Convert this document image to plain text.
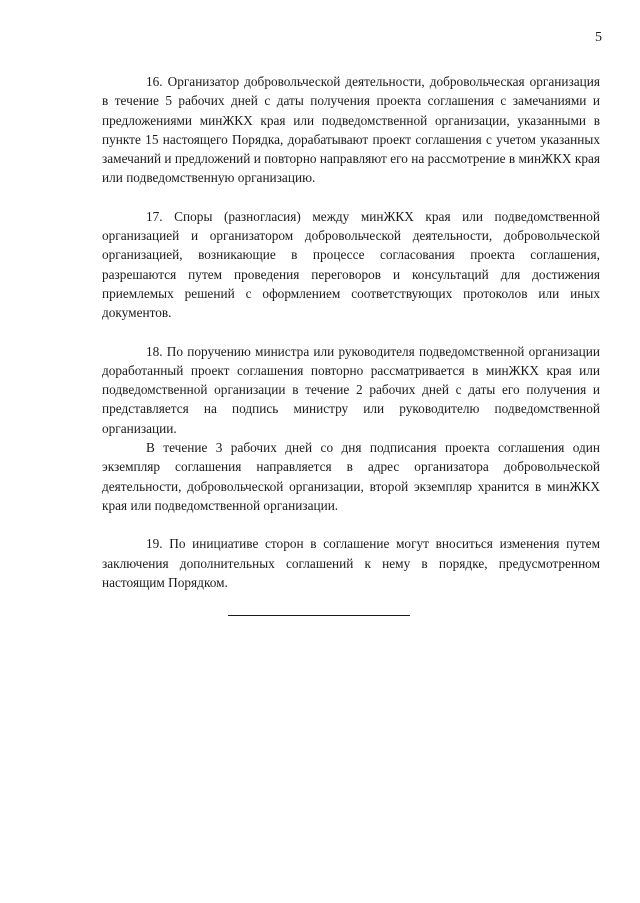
5

16. Организатор добровольческой деятельности, добровольческая организация в течение 5 рабочих дней с даты получения проекта соглашения с замечаниями и предложениями минЖКХ края или подведомственной организации, указанными в пункте 15 настоящего Порядка, дорабатывают проект соглашения с учетом указанных замечаний и предложений и повторно направляют его на рассмотрение в минЖКХ края или подведомственную организацию.

17. Споры (разногласия) между минЖКХ края или подведомственной организацией и организатором добровольческой деятельности, добровольческой организацией, возникающие в процессе согласования проекта соглашения, разрешаются путем проведения переговоров и консультаций для достижения приемлемых решений с оформлением соответствующих протоколов или иных документов.

18. По поручению министра или руководителя подведомственной организации доработанный проект соглашения повторно рассматривается в минЖКХ края или подведомственной организации в течение 2 рабочих дней с даты его получения и представляется на подпись министру или руководителю подведомственной организации.

В течение 3 рабочих дней со дня подписания проекта соглашения один экземпляр соглашения направляется в адрес организатора добровольческой деятельности, добровольческой организации, второй экземпляр хранится в минЖКХ края или подведомственной организации.

19. По инициативе сторон в соглашение могут вноситься изменения путем заключения дополнительных соглашений к нему в порядке, предусмотренном настоящим Порядком.
